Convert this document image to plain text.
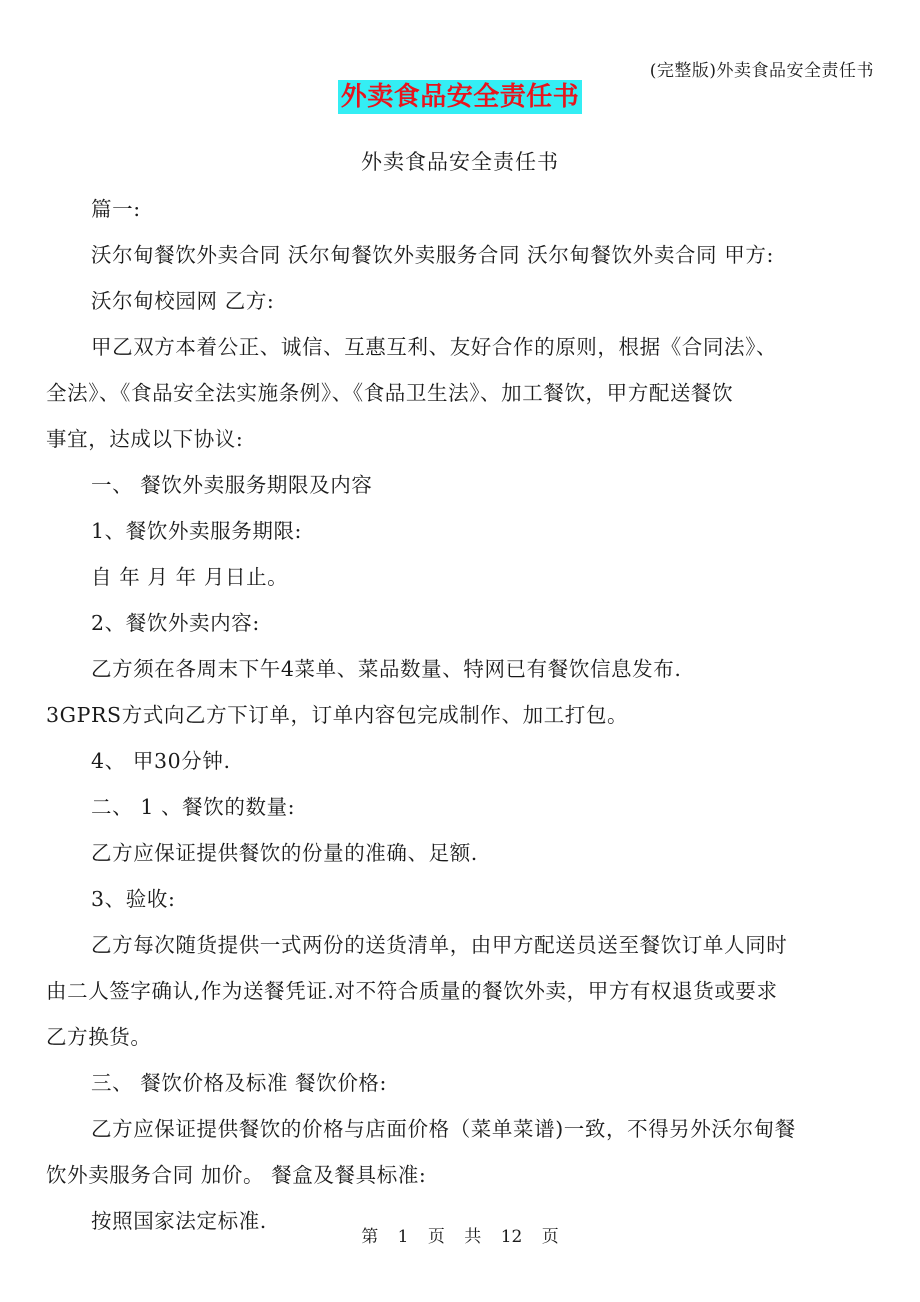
(完整版)外卖食品安全责任书
外卖食品安全责任书
外卖食品安全责任书
篇一:
沃尔甸餐饮外卖合同 沃尔甸餐饮外卖服务合同 沃尔甸餐饮外卖合同 甲方:
沃尔甸校园网 乙方:
甲乙双方本着公正、诚信、互惠互利、友好合作的原则，根据《合同法》、
全法》、《食品安全法实施条例》、《食品卫生法》、加工餐饮，甲方配送餐饮
事宜，达成以下协议:
一、 餐饮外卖服务期限及内容
1、餐饮外卖服务期限:
自 年 月 年 月日止。
2、餐饮外卖内容:
乙方须在各周末下午4菜单、菜品数量、特网已有餐饮信息发布.
3GPRS方式向乙方下订单，订单内容包完成制作、加工打包。
4、 甲30分钟.
二、 1 、餐饮的数量:
乙方应保证提供餐饮的份量的准确、足额.
3、验收:
乙方每次随货提供一式两份的送货清单，由甲方配送员送至餐饮订单人同时
由二人签字确认,作为送餐凭证.对不符合质量的餐饮外卖，甲方有权退货或要求
乙方换货。
三、 餐饮价格及标准 餐饮价格:
乙方应保证提供餐饮的价格与店面价格（菜单菜谱)一致，不得另外沃尔甸餐
饮外卖服务合同 加价。 餐盒及餐具标准:
按照国家法定标准.
第 1 页 共 12 页
